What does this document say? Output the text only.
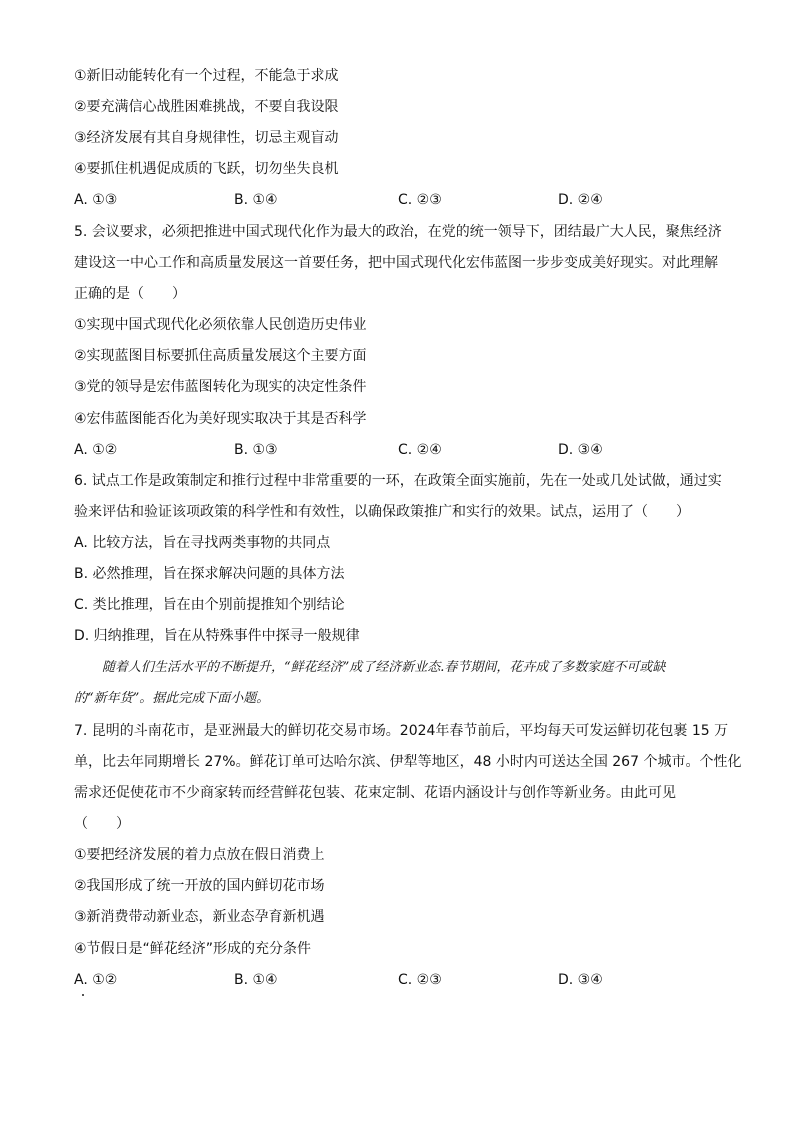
①新旧动能转化有一个过程，不能急于求成
②要充满信心战胜困难挑战，不要自我设限
③经济发展有其自身规律性，切忌主观盲动
④要抓住机遇促成质的飞跃，切勿坐失良机
A. ①③	B. ①④	C. ②③	D. ②④
5. 会议要求，必须把推进中国式现代化作为最大的政治，在党的统一领导下，团结最广大人民，聚焦经济
建设这一中心工作和高质量发展这一首要任务，把中国式现代化宏伟蓝图一步步变成美好现实。对此理解
正确的是（　　）
①实现中国式现代化必须依靠人民创造历史伟业
②实现蓝图目标要抓住高质量发展这个主要方面
③党的领导是宏伟蓝图转化为现实的决定性条件
④宏伟蓝图能否化为美好现实取决于其是否科学
A. ①②	B. ①③	C. ②④	D. ③④
6. 试点工作是政策制定和推行过程中非常重要的一环，在政策全面实施前，先在一处或几处试做，通过实
验来评估和验证该项政策的科学性和有效性，以确保政策推广和实行的效果。试点，运用了（　　）
A. 比较方法，旨在寻找两类事物的共同点
B. 必然推理，旨在探求解决问题的具体方法
C. 类比推理，旨在由个别前提推知个别结论
D. 归纳推理，旨在从特殊事件中探寻一般规律
随着人们生活水平的不断提升，“鲜花经济”成了经济新业态.春节期间，花卉成了多数家庭不可或缺
的“新年货”。据此完成下面小题。
7. 昆明的斗南花市，是亚洲最大的鲜切花交易市场。2024年春节前后，平均每天可发运鲜切花包裹 15 万
单，比去年同期增长 27%。鲜花订单可达哈尔滨、伊犁等地区，48 小时内可送达全国 267 个城市。个性化
需求还促使花市不少商家转而经营鲜花包装、花束定制、花语内涵设计与创作等新业务。由此可见
（　　）
①要把经济发展的着力点放在假日消费上
②我国形成了统一开放的国内鲜切花市场
③新消费带动新业态，新业态孕育新机遇
④节假日是“鲜花经济”形成的充分条件
A. ①②	B. ①④	C. ②③	D. ③④
